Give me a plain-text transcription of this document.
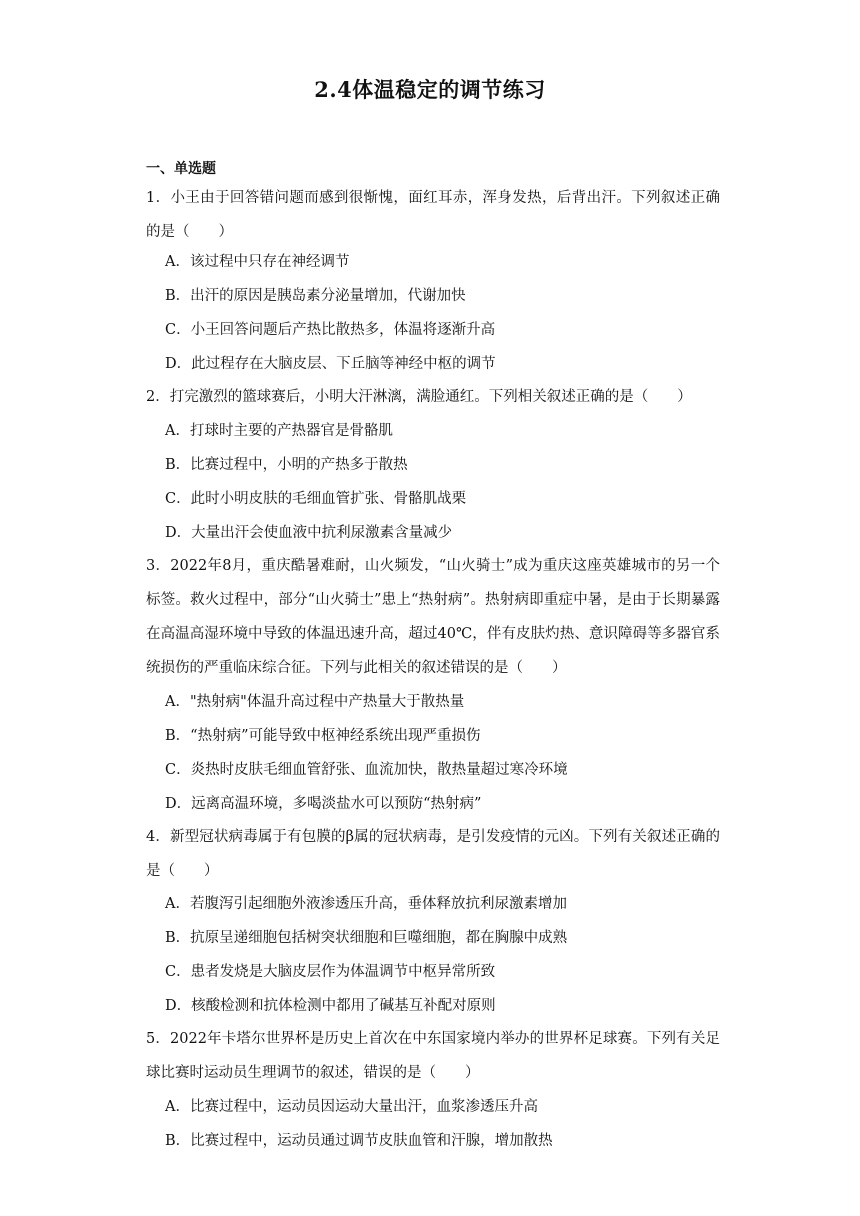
2.4体温稳定的调节练习
一、单选题
1．小王由于回答错问题而感到很惭愧，面红耳赤，浑身发热，后背出汗。下列叙述正确的是（　　）
A．该过程中只存在神经调节
B．出汗的原因是胰岛素分泌量增加，代谢加快
C．小王回答问题后产热比散热多，体温将逐渐升高
D．此过程存在大脑皮层、下丘脑等神经中枢的调节
2．打完激烈的篮球赛后，小明大汗淋漓，满脸通红。下列相关叙述正确的是（　　）
A．打球时主要的产热器官是骨骼肌
B．比赛过程中，小明的产热多于散热
C．此时小明皮肤的毛细血管扩张、骨骼肌战栗
D．大量出汗会使血液中抗利尿激素含量减少
3．2022年8月，重庆酷暑难耐，山火频发，“山火骑士”成为重庆这座英雄城市的另一个标签。救火过程中，部分“山火骑士”患上“热射病”。热射病即重症中暑，是由于长期暴露在高温高湿环境中导致的体温迅速升高，超过40℃，伴有皮肤灼热、意识障碍等多器官系统损伤的严重临床综合征。下列与此相关的叙述错误的是（　　）
A．"热射病"体温升高过程中产热量大于散热量
B．“热射病”可能导致中枢神经系统出现严重损伤
C．炎热时皮肤毛细血管舒张、血流加快，散热量超过寒冷环境
D．远离高温环境，多喝淡盐水可以预防“热射病”
4．新型冠状病毒属于有包膜的β属的冠状病毒，是引发疫情的元凶。下列有关叙述正确的是（　　）
A．若腹泻引起细胞外液渗透压升高，垂体释放抗利尿激素增加
B．抗原呈递细胞包括树突状细胞和巨噬细胞，都在胸腺中成熟
C．患者发烧是大脑皮层作为体温调节中枢异常所致
D．核酸检测和抗体检测中都用了碱基互补配对原则
5．2022年卡塔尔世界杯是历史上首次在中东国家境内举办的世界杯足球赛。下列有关足球比赛时运动员生理调节的叙述，错误的是（　　）
A．比赛过程中，运动员因运动大量出汗，血浆渗透压升高
B．比赛过程中，运动员通过调节皮肤血管和汗腺，增加散热
